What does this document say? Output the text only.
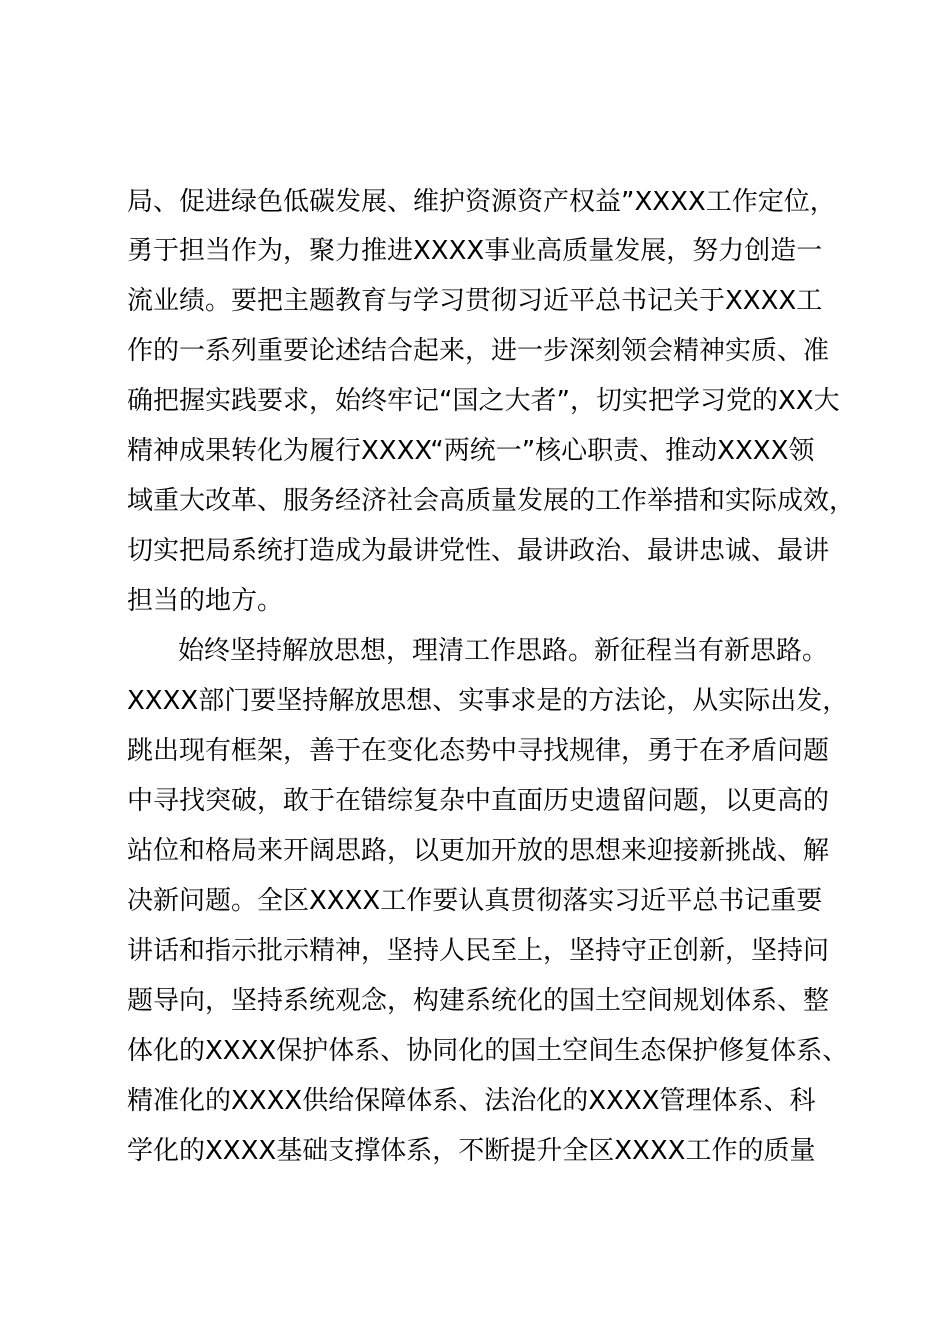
局、促进绿色低碳发展、维护资源资产权益”XXXX工作定位，
勇于担当作为，聚力推进XXXX事业高质量发展，努力创造一
流业绩。要把主题教育与学习贯彻习近平总书记关于XXXX工
作的一系列重要论述结合起来，进一步深刻领会精神实质、准
确把握实践要求，始终牢记“国之大者”，切实把学习党的XX大
精神成果转化为履行XXXX“两统一”核心职责、推动XXXX领
域重大改革、服务经济社会高质量发展的工作举措和实际成效，
切实把局系统打造成为最讲党性、最讲政治、最讲忠诚、最讲
担当的地方。
始终坚持解放思想，理清工作思路。新征程当有新思路。
XXXX部门要坚持解放思想、实事求是的方法论，从实际出发，
跳出现有框架，善于在变化态势中寻找规律，勇于在矛盾问题
中寻找突破，敢于在错综复杂中直面历史遗留问题，以更高的
站位和格局来开阔思路，以更加开放的思想来迎接新挑战、解
决新问题。全区XXXX工作要认真贯彻落实习近平总书记重要
讲话和指示批示精神，坚持人民至上，坚持守正创新，坚持问
题导向，坚持系统观念，构建系统化的国土空间规划体系、整
体化的XXXX保护体系、协同化的国土空间生态保护修复体系、
精准化的XXXX供给保障体系、法治化的XXXX管理体系、科
学化的XXXX基础支撑体系，不断提升全区XXXX工作的质量
